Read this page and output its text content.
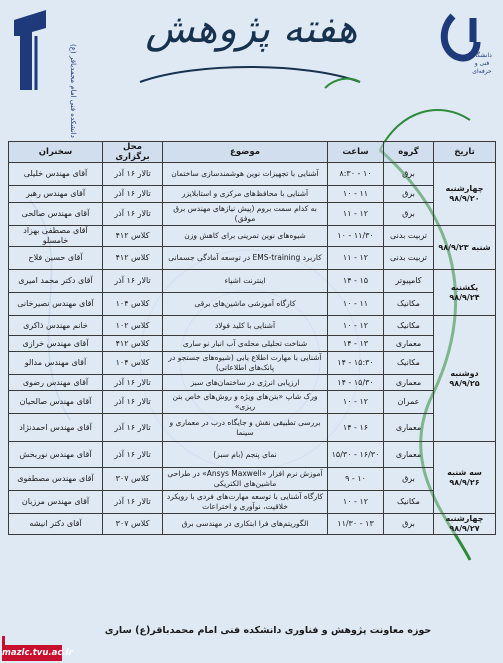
دانشکده فنی امام محمدباقر (ع)
هفته پژوهش
دانشگاه فنی و حرفه‌ای
تاریخ	گروه	ساعت	موضوع	محل برگزاری	سخنران
چهارشنبه ۹۸/۹/۲۰	برق	۱۰ - ۸:۳۰	آشنایی با تجهیزات نوین هوشمندسازی ساختمان	تالار ۱۶ آذر	آقای مهندس خلیلی
	برق	۱۱ - ۱۰	آشنایی با محافظ‌های مرکزی و استابلایزر	تالار ۱۶ آذر	آقای مهندس رهبر
	برق	۱۲ - ۱۱	به کدام سمت بروم (پیش نیازهای مهندس برق موفق)	تالار ۱۶ آذر	آقای مهندس صالحی
شنبه ۹۸/۹/۲۳	تربیت بدنی	۱۱/۳۰ - ۱۰	شیوه‌های نوین تمرینی برای کاهش وزن	کلاس ۴۱۲	آقای مصطفی بهزاد خامسلو
	تربیت بدنی	۱۲ - ۱۱	کاربرد EMS-training در توسعه آمادگی جسمانی	کلاس ۴۱۲	آقای حسین فلاح
یکشنبه ۹۸/۹/۲۴	کامپیوتر	۱۵ - ۱۴	اینترنت اشیاء	تالار ۱۶ آذر	آقای دکتر محمد امیری
	مکانیک	۱۱ - ۱۰	کارگاه آموزشی ماشین‌های برقی	کلاس ۱۰۴	آقای مهندس نصیرخانی
دوشنبه ۹۸/۹/۲۵	مکانیک	۱۲ - ۱۰	آشنایی با کلید فولاد	کلاس ۱۰۲	خانم مهندس ذاکری
	معماری	۱۳ - ۱۴	شناخت تحلیلی محله‌ی آب انبار نو ساری	کلاس ۴۱۲	آقای مهندس خرازی
	مکانیک	۱۵:۳۰ - ۱۴	آشنایی با مهارت اطلاع یابی (شیوه‌های جستجو در پانک‌های اطلاعاتی)	کلاس ۱۰۴	آقای مهندس مدالو
	معماری	۱۵/۳۰ - ۱۴	ارزیابی انرژی در ساختمان‌های سبز	تالار ۱۶ آذر	آقای مهندس رضوی
	عمران	۱۲ - ۱۰	ورک شاپ «بتن‌های ویژه و روش‌های خاص بتن ریزی»	تالار ۱۶ آذر	آقای مهندس صالحیان
	معماری	۱۶ - ۱۴	بررسی تطبیقی نقش و جایگاه درب در معماری و سینما	تالار ۱۶ آذر	آقای مهندس احمدنژاد
سه شنبه ۹۸/۹/۲۶	معماری	۱۶/۳۰ - ۱۵/۳۰	نمای پنجم (بام سبز)	تالار ۱۶ آذر	آقای مهندس نوربخش
	برق	۱۰ - ۹	آموزش نرم افزار «Ansys Maxwell» در طراحی ماشین‌های الکتریکی	کلاس ۳۰۷	آقای مهندس مصطفوی
	مکانیک	۱۲ - ۱۰	کارگاه آشنایی با توسعه مهارت‌های فردی با رویکرد خلاقیت، نوآوری و اختراعات	تالار ۱۶ آذر	آقای مهندس مرزبان
چهارشنبه ۹۸/۹/۲۷	برق	۱۳ - ۱۱/۳۰	الگوریتم‌های فرا ابتکاری در مهندسی برق	کلاس ۳۰۷	آقای دکتر انیشه
حوزه معاونت پژوهش و فناوری دانشکده فنی امام محمدباقر(ع) ساری
mazlc.tvu.ac.ir
